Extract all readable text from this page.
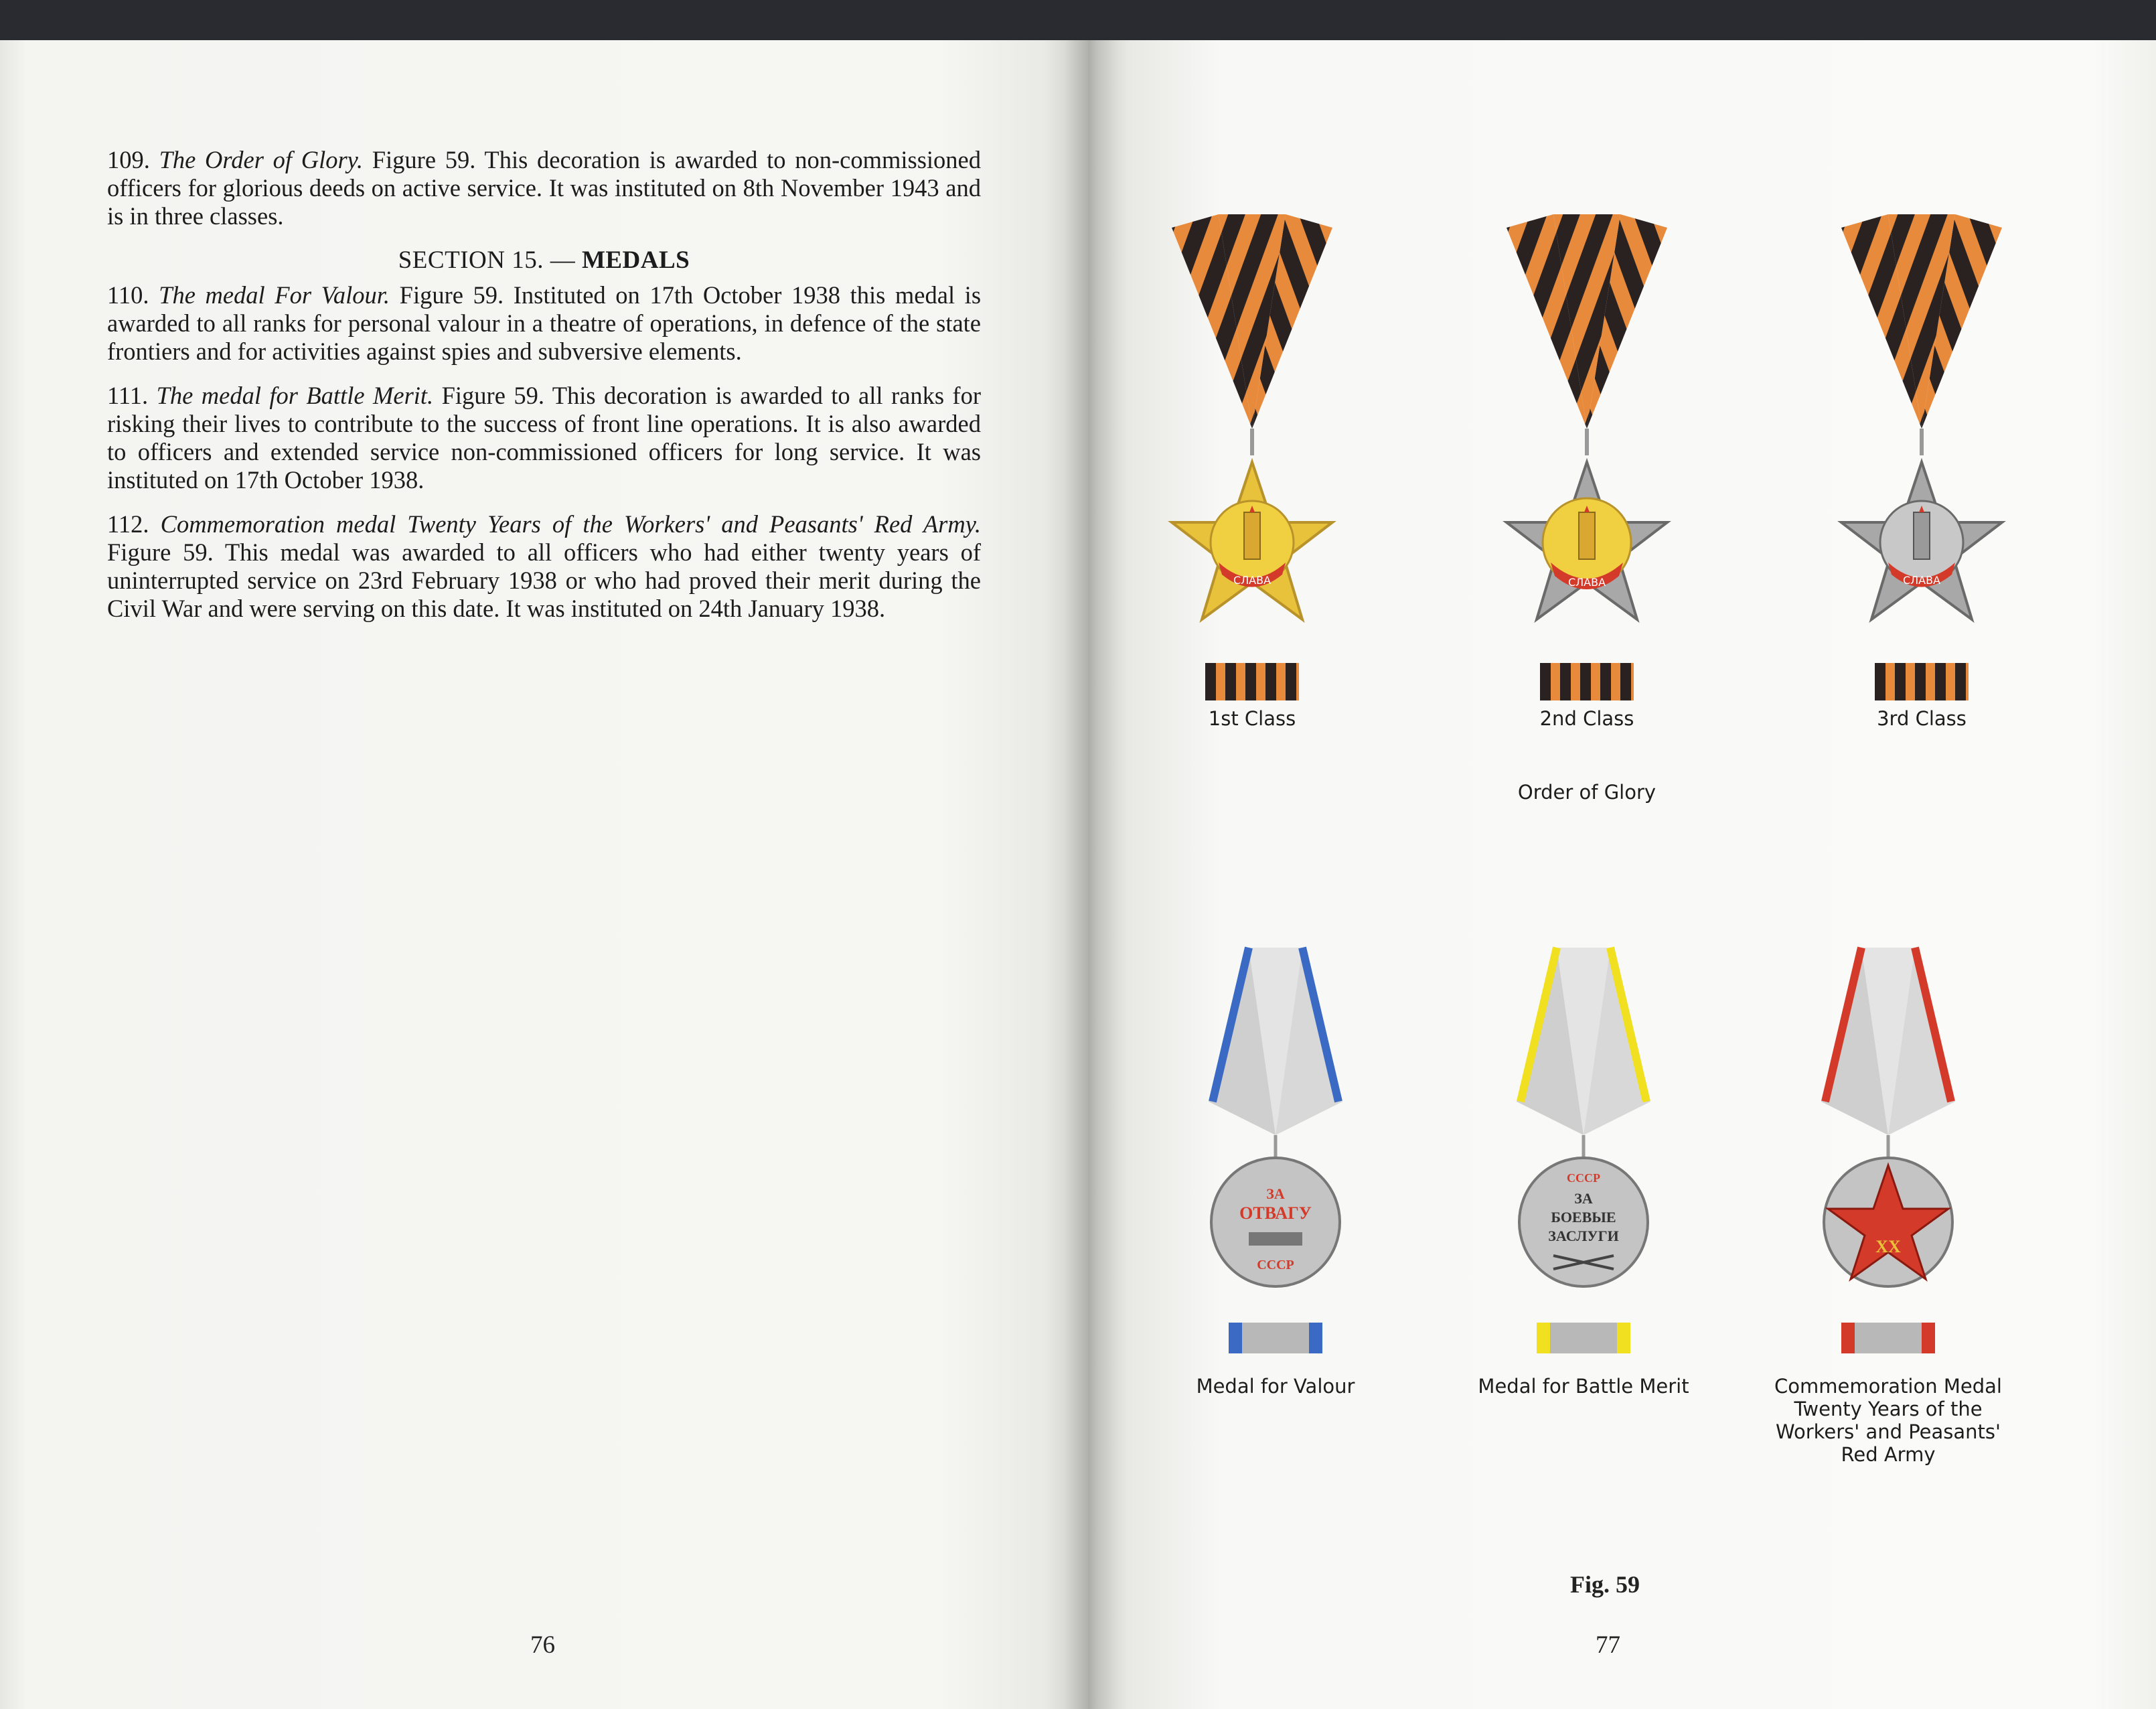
109. The Order of Glory. Figure 59. This decoration is awarded to non-commissioned officers for glorious deeds on active service. It was instituted on 8th November 1943 and is in three classes.

SECTION 15. — MEDALS

110. The medal For Valour. Figure 59. Instituted on 17th October 1938 this medal is awarded to all ranks for personal valour in a theatre of operations, in defence of the state frontiers and for activities against spies and subversive elements.

111. The medal for Battle Merit. Figure 59. This decoration is awarded to all ranks for risking their lives to contribute to the success of front line operations. It is also awarded to officers and extended service non-commissioned officers for long service. It was instituted on 17th October 1938.

112. Commemoration medal Twenty Years of the Workers' and Peasants' Red Army. Figure 59. This medal was awarded to all officers who had either twenty years of uninterrupted service on 23rd February 1938 or who had proved their merit during the Civil War and were serving on this date. It was instituted on 24th January 1938.

76
СЛАВА
1st Class
СЛАВА
2nd Class
СЛАВА
3rd Class
Order of Glory
ЗА
ОТВАГУ
СССР
Medal for Valour
СССР
ЗА
БОЕВЫЕ
ЗАСЛУГИ
Medal for Battle Merit
XX
Commemoration Medal
Twenty Years of the
Workers' and Peasants'
Red Army
Fig. 59
77
